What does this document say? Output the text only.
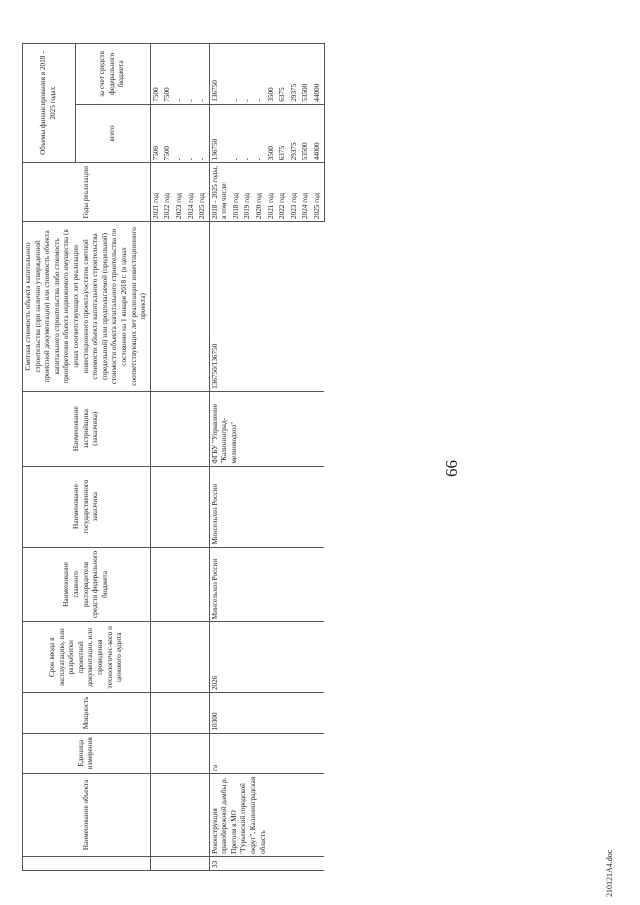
66
	Наименование объекта	Единица измерения	Мощность	Срок ввода в эксплуатацию, или разработки проектной документации, или проведения технологичес-кого и ценового аудита	Наименование главного распорядителя средств федерального бюджета	Наименование государственного заказчика	Наименование застройщика (заказчика)	Сметная стоимость объекта капитального строительства (при наличии утвержденной проектной документации) или стоимость объекта капитального строительства либо стоимость приобретения объекта недвижимого имущества (в ценах соответствующих лет реализации инвестиционного проекта)/остаток сметной стоимости объекта капитального строительства (предельной) или предполагаемой (предельной) стоимости объекта капитального строительства по состоянию на 1 января 2018 г. (в ценах соответствующих лет реализации инвестиционного проекта)	Годы реализации	Объемы финансирования в 2018 - 2025 годах	
										всего	за счет средств федерального бюджета
									2021 год	7500	7500
									2022 год	7500	7500
									2023 год	-	-
									2024 год	-	-
									2025 год	-	-
33	Реконструкция правобережной дамбы р. Преголя в МО "Гурьевский городской округ", Калининградская область	га	10300	2026	Минсельхоз России	Минсельхоз России	ФГБУ "Управление "Калининград-мелиоводхоз"	136750/136750	2018 - 2025 годы, в том числе:	136750	136750
									2018 год	-	-
									2019 год	-	-
									2020 год	-	-
									2021 год	3500	3500
									2022 год	6375	6375
									2023 год	29375	29375
									2024 год	53500	53500
									2025 год	44000	44000
210121A4.doc
